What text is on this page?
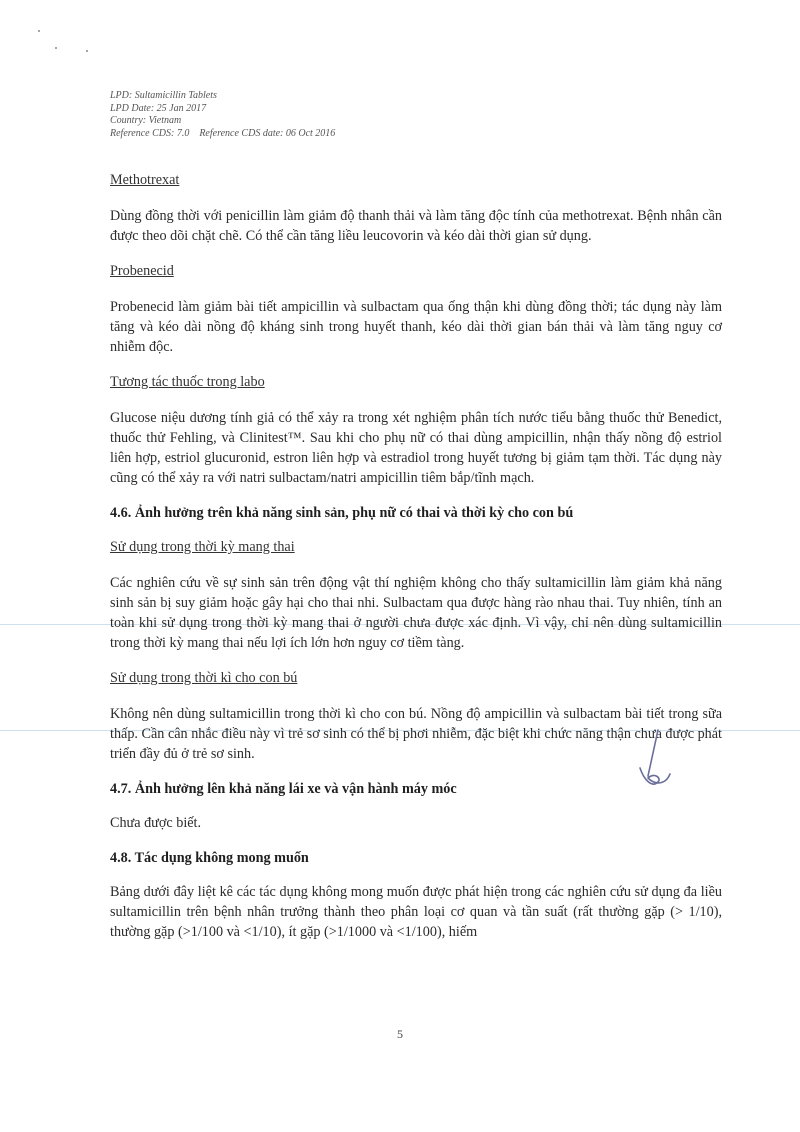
LPD: Sultamicillin Tablets
LPD Date: 25 Jan 2017
Country: Vietnam
Reference CDS: 7.0    Reference CDS date: 06 Oct 2016
Methotrexat
Dùng đồng thời với penicillin làm giảm độ thanh thải và làm tăng độc tính của methotrexat. Bệnh nhân cần được theo dõi chặt chẽ. Có thể cần tăng liều leucovorin và kéo dài thời gian sử dụng.
Probenecid
Probenecid làm giảm bài tiết ampicillin và sulbactam qua ống thận khi dùng đồng thời; tác dụng này làm tăng và kéo dài nồng độ kháng sinh trong huyết thanh, kéo dài thời gian bán thải và làm tăng nguy cơ nhiễm độc.
Tương tác thuốc trong labo
Glucose niệu dương tính giả có thể xảy ra trong xét nghiệm phân tích nước tiểu bằng thuốc thử Benedict, thuốc thử Fehling, và Clinitest™. Sau khi cho phụ nữ có thai dùng ampicillin, nhận thấy nồng độ estriol liên hợp, estriol glucuronid, estron liên hợp và estradiol trong huyết tương bị giảm tạm thời. Tác dụng này cũng có thể xảy ra với natri sulbactam/natri ampicillin tiêm bắp/tĩnh mạch.
4.6. Ảnh hưởng trên khả năng sinh sản, phụ nữ có thai và thời kỳ cho con bú
Sử dụng trong thời kỳ mang thai
Các nghiên cứu về sự sinh sản trên động vật thí nghiệm không cho thấy sultamicillin làm giảm khả năng sinh sản bị suy giảm hoặc gây hại cho thai nhi. Sulbactam qua được hàng rào nhau thai. Tuy nhiên, tính an toàn khi sử dụng trong thời kỳ mang thai ở người chưa được xác định. Vì vậy, chỉ nên dùng sultamicillin trong thời kỳ mang thai nếu lợi ích lớn hơn nguy cơ tiềm tàng.
Sử dụng trong thời kì cho con bú
Không nên dùng sultamicillin trong thời kì cho con bú. Nồng độ ampicillin và sulbactam bài tiết trong sữa thấp. Cần cân nhắc điều này vì trẻ sơ sinh có thể bị phơi nhiễm, đặc biệt khi chức năng thận chưa được phát triển đầy đủ ở trẻ sơ sinh.
4.7. Ảnh hưởng lên khả năng lái xe và vận hành máy móc
Chưa được biết.
4.8. Tác dụng không mong muốn
Bảng dưới đây liệt kê các tác dụng không mong muốn được phát hiện trong các nghiên cứu sử dụng đa liều sultamicillin trên bệnh nhân trưởng thành theo phân loại cơ quan và tần suất (rất thường gặp (> 1/10), thường gặp (>1/100 và <1/10), ít gặp (>1/1000 và <1/100), hiếm
5
